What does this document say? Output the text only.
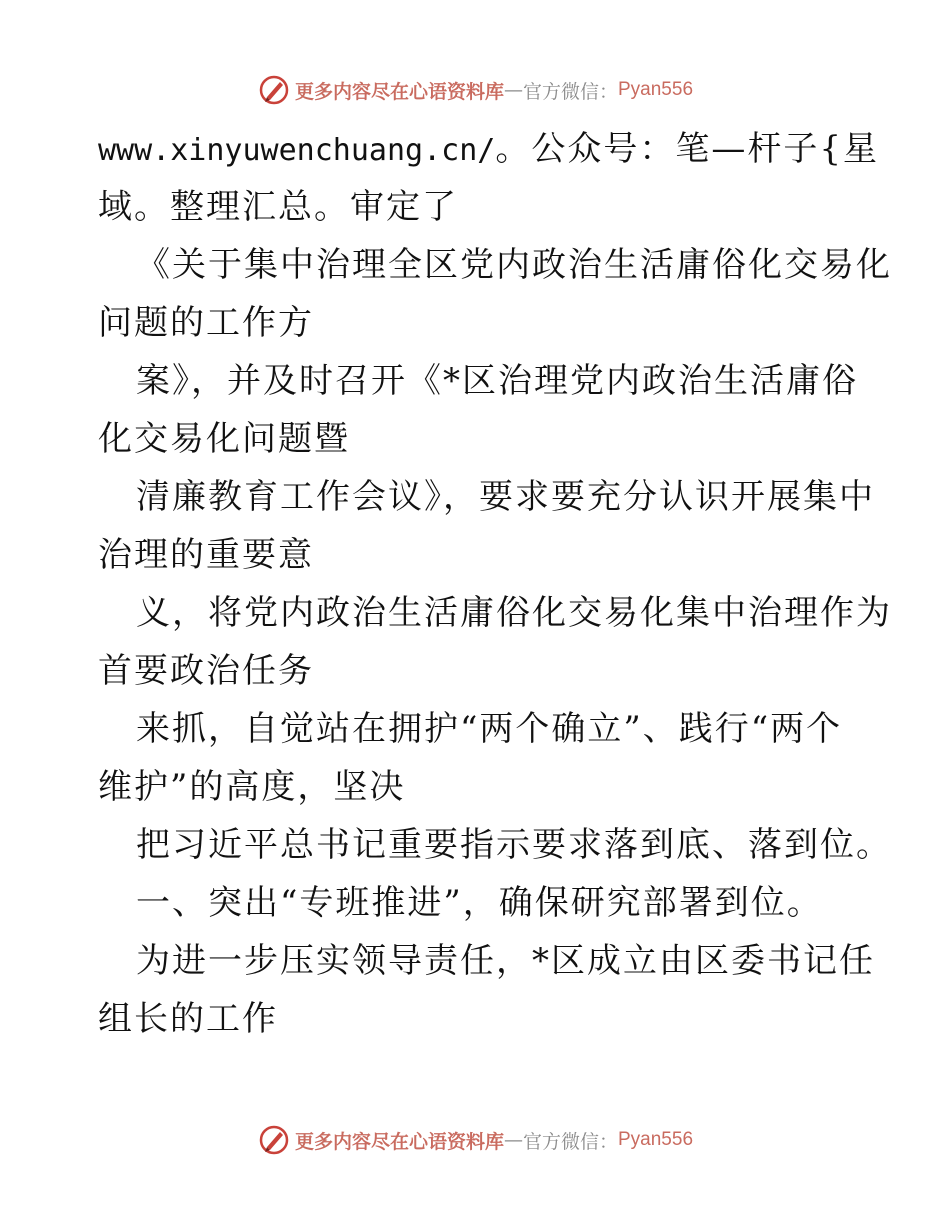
更多内容尽在心语资料库 — 官方微信： Pyan556
www.xinyuwenchuang.cn/。公众号：笔—杆子{星
域。整理汇总。审定了
《关于集中治理全区党内政治生活庸俗化交易化
问题的工作方
案》，并及时召开《*区治理党内政治生活庸俗
化交易化问题暨
清廉教育工作会议》，要求要充分认识开展集中
治理的重要意
义，将党内政治生活庸俗化交易化集中治理作为
首要政治任务
来抓，自觉站在拥护“两个确立”、践行“两个
维护”的高度，坚决
把习近平总书记重要指示要求落到底、落到位。
一、突出“专班推进”，确保研究部署到位。
为进一步压实领导责任，*区成立由区委书记任
组长的工作
更多内容尽在心语资料库 — 官方微信： Pyan556
